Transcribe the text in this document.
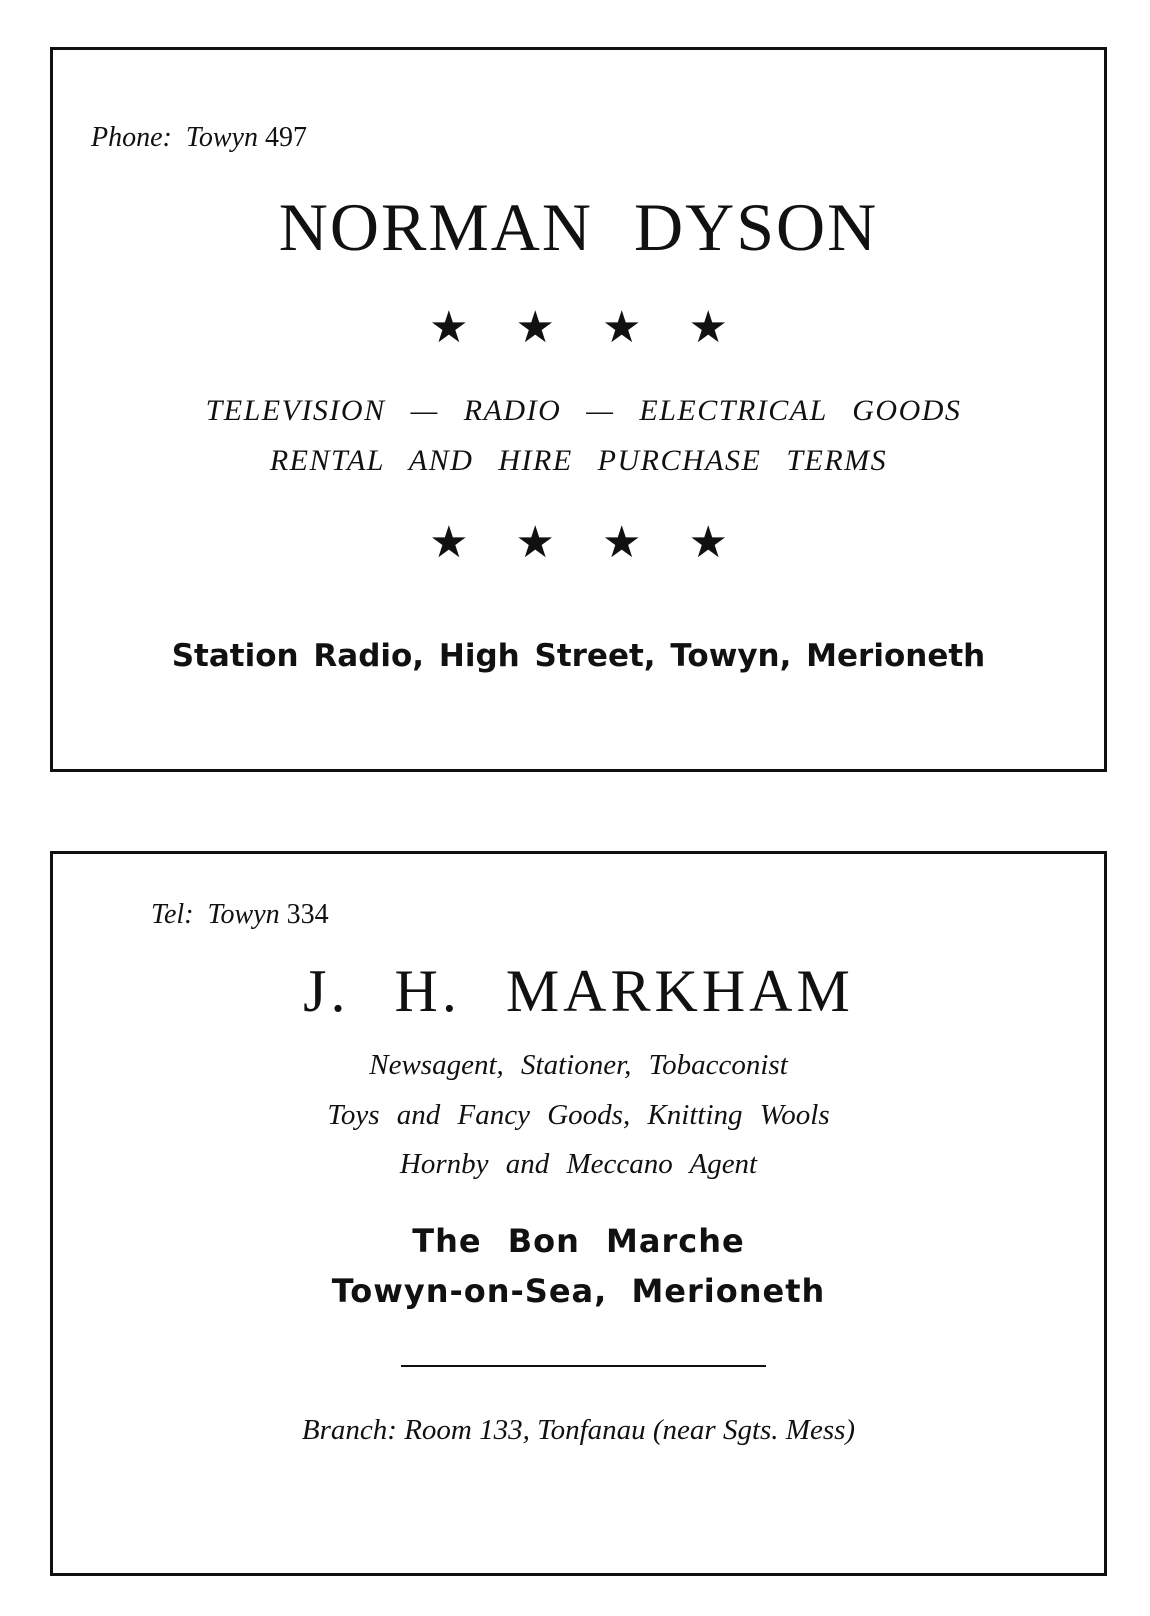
Phone: Towyn 497
NORMAN DYSON
★ ★ ★ ★
TELEVISION — RADIO — ELECTRICAL GOODS
RENTAL AND HIRE PURCHASE TERMS
★ ★ ★ ★
Station Radio, High Street, Towyn, Merioneth
Tel: Towyn 334
J. H. MARKHAM
Newsagent, Stationer, Tobacconist
Toys and Fancy Goods, Knitting Wools
Hornby and Meccano Agent
The Bon Marche
Towyn-on-Sea, Merioneth
Branch: Room 133, Tonfanau (near Sgts. Mess)
